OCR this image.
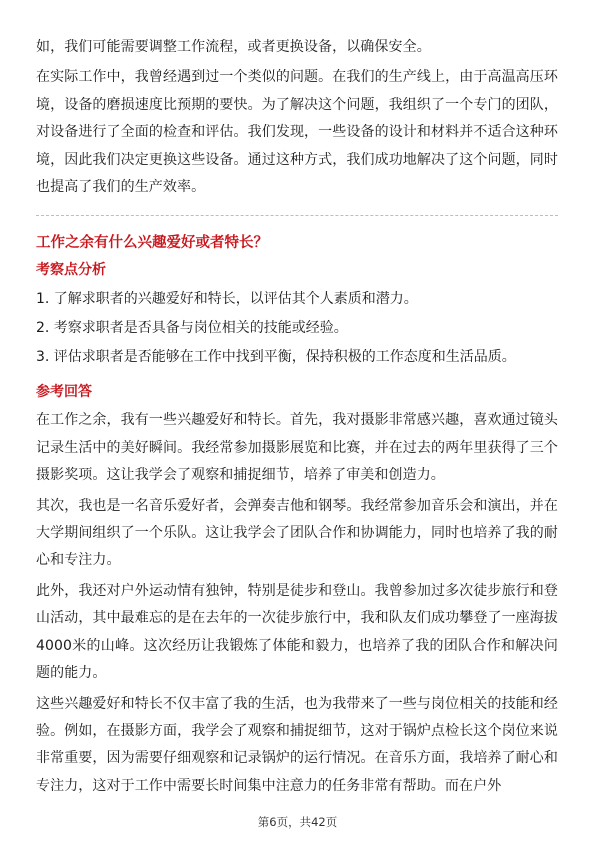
如，我们可能需要调整工作流程，或者更换设备，以确保安全。

在实际工作中，我曾经遇到过一个类似的问题。在我们的生产线上，由于高温高压环境，设备的磨损速度比预期的要快。为了解决这个问题，我组织了一个专门的团队，对设备进行了全面的检查和评估。我们发现，一些设备的设计和材料并不适合这种环境，因此我们决定更换这些设备。通过这种方式，我们成功地解决了这个问题，同时也提高了我们的生产效率。

工作之余有什么兴趣爱好或者特长？
考察点分析

1. 了解求职者的兴趣爱好和特长，以评估其个人素质和潜力。

2. 考察求职者是否具备与岗位相关的技能或经验。

3. 评估求职者是否能够在工作中找到平衡，保持积极的工作态度和生活品质。

参考回答

在工作之余，我有一些兴趣爱好和特长。首先，我对摄影非常感兴趣，喜欢通过镜头记录生活中的美好瞬间。我经常参加摄影展览和比赛，并在过去的两年里获得了三个摄影奖项。这让我学会了观察和捕捉细节，培养了审美和创造力。

其次，我也是一名音乐爱好者，会弹奏吉他和钢琴。我经常参加音乐会和演出，并在大学期间组织了一个乐队。这让我学会了团队合作和协调能力，同时也培养了我的耐心和专注力。

此外，我还对户外运动情有独钟，特别是徒步和登山。我曾参加过多次徒步旅行和登山活动，其中最难忘的是在去年的一次徒步旅行中，我和队友们成功攀登了一座海拔4000米的山峰。这次经历让我锻炼了体能和毅力，也培养了我的团队合作和解决问题的能力。

这些兴趣爱好和特长不仅丰富了我的生活，也为我带来了一些与岗位相关的技能和经验。例如，在摄影方面，我学会了观察和捕捉细节，这对于锅炉点检长这个岗位来说非常重要，因为需要仔细观察和记录锅炉的运行情况。在音乐方面，我培养了耐心和专注力，这对于工作中需要长时间集中注意力的任务非常有帮助。而在户外

第6页，共42页
